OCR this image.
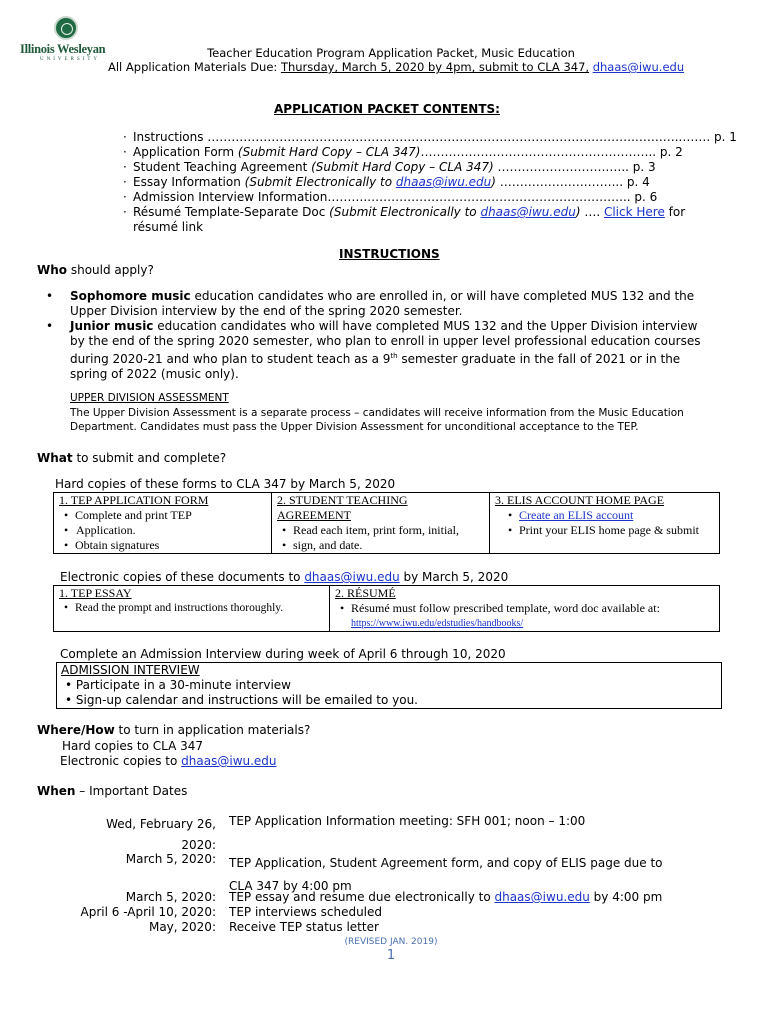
Illinois Wesleyan
UNIVERSITY	Teacher Education Program Application Packet, Music Education
All Application Materials Due: Thursday, March 5, 2020 by 4pm, submit to CLA 347, dhaas@iwu.edu
APPLICATION PACKET CONTENTS:
· Instructions …………………………………………………………………………………….……….…….…..……. p. 1
· Application Form (Submit Hard Copy – CLA 347)………………………………………………….. p. 2
· Student Teaching Agreement (Submit Hard Copy – CLA 347) ……………………….….. p. 3
· Essay Information (Submit Electronically to dhaas@iwu.edu) ………………….……... p. 4
· Admission Interview Information……….………………………………………………………... p. 6
· Résumé Template-Separate Doc (Submit Electronically to dhaas@iwu.edu) …. Click Here for
résumé link
INSTRUCTIONS
Who should apply?
• Sophomore music education candidates who are enrolled in, or will have completed MUS 132 and the
Upper Division interview by the end of the spring 2020 semester.
• Junior music education candidates who will have completed MUS 132 and the Upper Division interview
by the end of the spring 2020 semester, who plan to enroll in upper level professional education courses
during 2020-21 and who plan to student teach as a 9th semester graduate in the fall of 2021 or in the
spring of 2022 (music only).
UPPER DIVISION ASSESSMENT
The Upper Division Assessment is a separate process – candidates will receive information from the Music Education
Department. Candidates must pass the Upper Division Assessment for unconditional acceptance to the TEP.
What to submit and complete?
Hard copies of these forms to CLA 347 by March 5, 2020
1. TEP APPLICATION FORM
• Complete and print TEP
• Application.
• Obtain signatures
	2. STUDENT TEACHING
AGREEMENT
• Read each item, print form, initial,
• sign, and date.
	3. ELIS ACCOUNT HOME PAGE
• Create an ELIS account
• Print your ELIS home page & submit
Electronic copies of these documents to dhaas@iwu.edu by March 5, 2020
1. TEP ESSAY
• Read the prompt and instructions thoroughly.
	2. RÉSUMÉ
• Résumé must follow prescribed template, word doc available at:
https://www.iwu.edu/edstudies/handbooks/
Complete an Admission Interview during week of April 6 through 10, 2020
ADMISSION INTERVIEW
• Participate in a 30-minute interview
• Sign-up calendar and instructions will be emailed to you.
Where/How to turn in application materials?
Hard copies to CLA 347
Electronic copies to dhaas@iwu.edu
When – Important Dates
Wed, February 26,
2020:
TEP Application Information meeting: SFH 001; noon – 1:00
March 5, 2020: TEP Application, Student Agreement form, and copy of ELIS page due to
CLA 347 by 4:00 pm
March 5, 2020: TEP essay and resume due electronically to dhaas@iwu.edu by 4:00 pm
April 6 -April 10, 2020: TEP interviews scheduled
May, 2020: Receive TEP status letter
(REVISED JAN. 2019)
1
